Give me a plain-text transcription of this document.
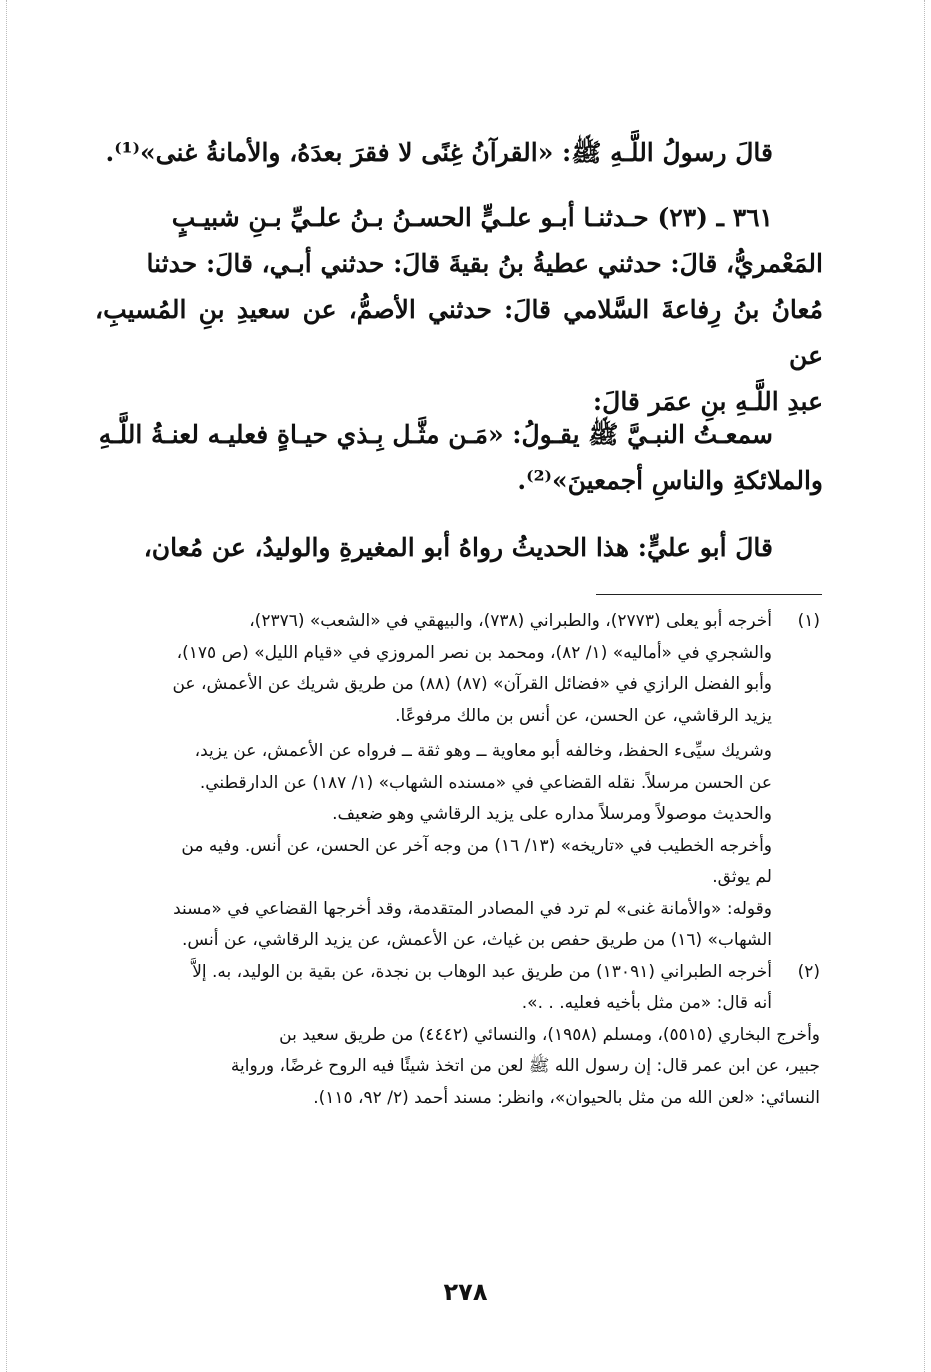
قالَ رسولُ اللَّـهِ ﷺ: «القرآنُ غِنًى لا فقرَ بعدَهُ، والأمانةُ غنى»⁽¹⁾.

٣٦١ ـ (٢٣) حـدثنـا أبـو علـيٍّ الحسـنُ بـنُ علـيِّ بـنِ شبيـبٍ

المَعْمريُّ، قالَ: حدثني عطيةُ بنُ بقيةَ قالَ: حدثني أبـي، قالَ: حدثنا

مُعانُ بنُ رِفاعةَ السَّلامي قالَ: حدثني الأصمُّ، عن سعيدِ بنِ المُسيبِ، عن

عبدِ اللَّـهِ بنِ عمَر قالَ:

سمعـتُ النبـيَّ ﷺ يقـولُ: «مَـن مثَّـل بِـذي حيـاةٍ فعليـه لعنـةُ اللَّـهِ

والملائكةِ والناسِ أجمعينَ»⁽²⁾.

قالَ أبو عليٍّ: هذا الحديثُ رواهُ أبو المغيرةِ والوليدُ، عن مُعان،

(١)

أخرجه أبو يعلى (٢٧٧٣)، والطبراني (٧٣٨)، والبيهقي في «الشعب» (٢٣٧٦)،

والشجري في «أماليه» (١/ ٨٢)، ومحمد بن نصر المروزي في «قيام الليل» (ص ١٧٥)،

وأبو الفضل الرازي في «فضائل القرآن» (٨٧) (٨٨) من طريق شريك عن الأعمش، عن

يزيد الرقاشي، عن الحسن، عن أنس بن مالك مرفوعًا.

وشريك سيِّىء الحفظ، وخالفه أبو معاوية ــ وهو ثقة ــ فرواه عن الأعمش، عن يزيد،

عن الحسن مرسلاً. نقله القضاعي في «مسنده الشهاب» (١/ ١٨٧) عن الدارقطني.

والحديث موصولاً ومرسلاً مداره على يزيد الرقاشي وهو ضعيف.

وأخرجه الخطيب في «تاريخه» (١٣/ ١٦) من وجه آخر عن الحسن، عن أنس. وفيه من

لم يوثق.

وقوله: «والأمانة غنى» لم ترد في المصادر المتقدمة، وقد أخرجها القضاعي في «مسند

الشهاب» (١٦) من طريق حفص بن غياث، عن الأعمش، عن يزيد الرقاشي، عن أنس.

(٢)

أخرجه الطبراني (١٣٠٩١) من طريق عبد الوهاب بن نجدة، عن بقية بن الوليد، به. إلاَّ

أنه قال: «من مثل بأخيه فعليه. . .».

وأخرج البخاري (٥٥١٥)، ومسلم (١٩٥٨)، والنسائي (٤٤٤٢) من طريق سعيد بن

جبير، عن ابن عمر قال: إن رسول الله ﷺ لعن من اتخذ شيئًا فيه الروح غرضًا، ورواية

النسائي: «لعن الله من مثل بالحيوان»، وانظر: مسند أحمد (٢/ ٩٢، ١١٥).

٢٧٨
